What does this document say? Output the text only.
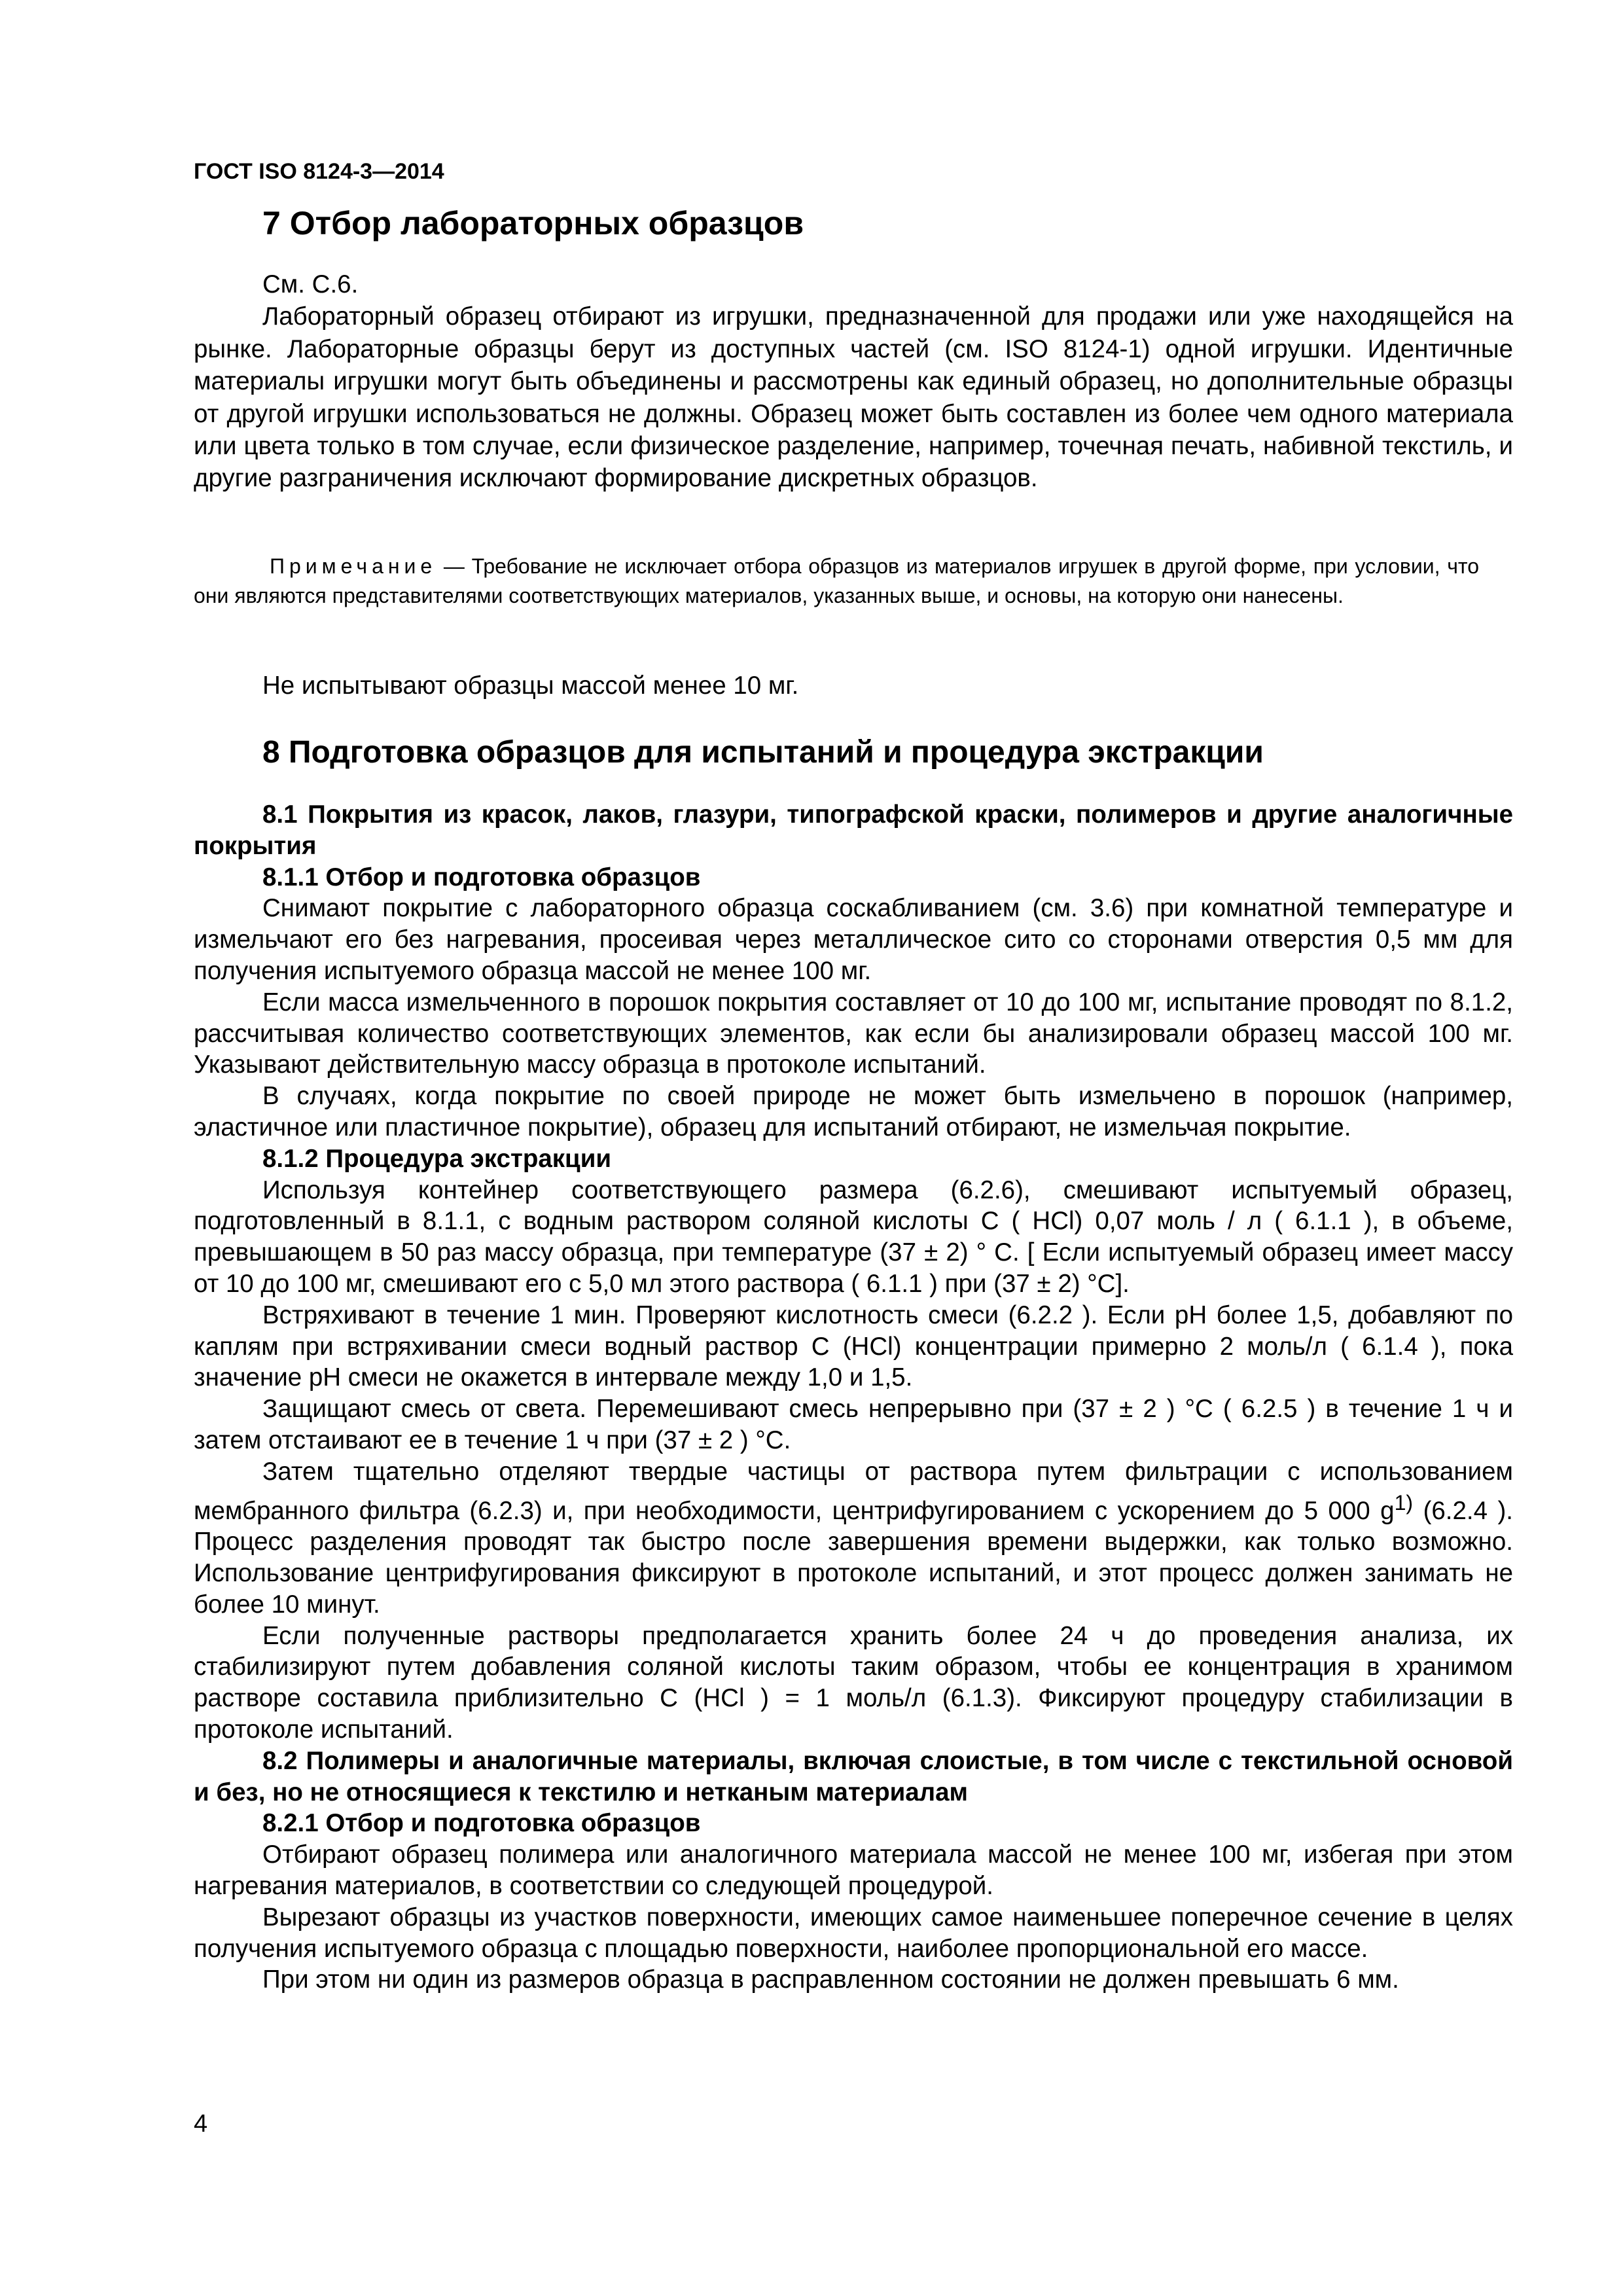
ГОСТ ISO 8124-3—2014
7 Отбор лабораторных образцов

См. С.6.

Лабораторный образец отбирают из игрушки, предназначенной для продажи или уже находящейся на рынке. Лабораторные образцы берут из доступных частей (см. ISO 8124-1) одной игрушки. Идентичные материалы игрушки могут быть объединены и рассмотрены как единый образец, но дополнительные образцы от другой игрушки использоваться не должны. Образец может быть составлен из более чем одного материала или цвета только в том случае, если физическое разделение, например, точечная печать, набивной текстиль, и другие разграничения исключают формирование дискретных образцов.

Примечание — Требование не исключает отбора образцов из материалов игрушек в другой форме, при условии, что они являются представителями соответствующих материалов, указанных выше, и основы, на которую они нанесены.

Не испытывают образцы массой менее 10 мг.

8 Подготовка образцов для испытаний и процедура экстракции

8.1 Покрытия из красок, лаков, глазури, типографской краски, полимеров и другие аналогичные покрытия

8.1.1 Отбор и подготовка образцов

Снимают покрытие с лабораторного образца соскабливанием (см. 3.6) при комнатной температуре и измельчают его без нагревания, просеивая через металлическое сито со сторонами отверстия 0,5 мм для получения испытуемого образца массой не менее 100 мг.

Если масса измельченного в порошок покрытия составляет от 10 до 100 мг, испытание проводят по 8.1.2, рассчитывая количество соответствующих элементов, как если бы анализировали образец массой 100 мг. Указывают действительную массу образца в протоколе испытаний.

В случаях, когда покрытие по своей природе не может быть измельчено в порошок (например, эластичное или пластичное покрытие), образец для испытаний отбирают, не измельчая покрытие.

8.1.2 Процедура экстракции

Используя контейнер соответствующего размера (6.2.6), смешивают испытуемый образец, подготовленный в 8.1.1, с водным раствором соляной кислоты С ( HCl) 0,07 моль / л ( 6.1.1 ), в объеме, превышающем в 50 раз массу образца, при температуре (37 ± 2) ° С. [ Если испытуемый образец имеет массу от 10 до 100 мг, смешивают его с 5,0 мл этого раствора ( 6.1.1 ) при (37 ± 2) °С].

Встряхивают в течение 1 мин. Проверяют кислотность смеси (6.2.2 ). Если рН более 1,5, добавляют по каплям при встряхивании смеси водный раствор С (HCl) концентрации примерно 2 моль/л ( 6.1.4 ), пока значение рН смеси не окажется в интервале между 1,0 и 1,5.

Защищают смесь от света. Перемешивают смесь непрерывно при (37 ± 2 ) °С ( 6.2.5 ) в течение 1 ч и затем отстаивают ее в течение 1 ч при (37 ± 2 ) °С.

Затем тщательно отделяют твердые частицы от раствора путем фильтрации с использованием мембранного фильтра (6.2.3) и, при необходимости, центрифугированием с ускорением до 5 000 $g^{1)}$ (6.2.4 ). Процесс разделения проводят так быстро после завершения времени выдержки, как только возможно. Использование центрифугирования фиксируют в протоколе испытаний, и этот процесс должен занимать не более 10 минут.

Если полученные растворы предполагается хранить более 24 ч до проведения анализа, их стабилизируют путем добавления соляной кислоты таким образом, чтобы ее концентрация в хранимом растворе составила приблизительно С (HCl ) = 1 моль/л (6.1.3). Фиксируют процедуру стабилизации в протоколе испытаний.

8.2 Полимеры и аналогичные материалы, включая слоистые, в том числе с текстильной основой и без, но не относящиеся к текстилю и нетканым материалам

8.2.1 Отбор и подготовка образцов

Отбирают образец полимера или аналогичного материала массой не менее 100 мг, избегая при этом нагревания материалов, в соответствии со следующей процедурой.

Вырезают образцы из участков поверхности, имеющих самое наименьшее поперечное сечение в целях получения испытуемого образца с площадью поверхности, наиболее пропорциональной его массе.

При этом ни один из размеров образца в расправленном состоянии не должен превышать 6 мм.

4
